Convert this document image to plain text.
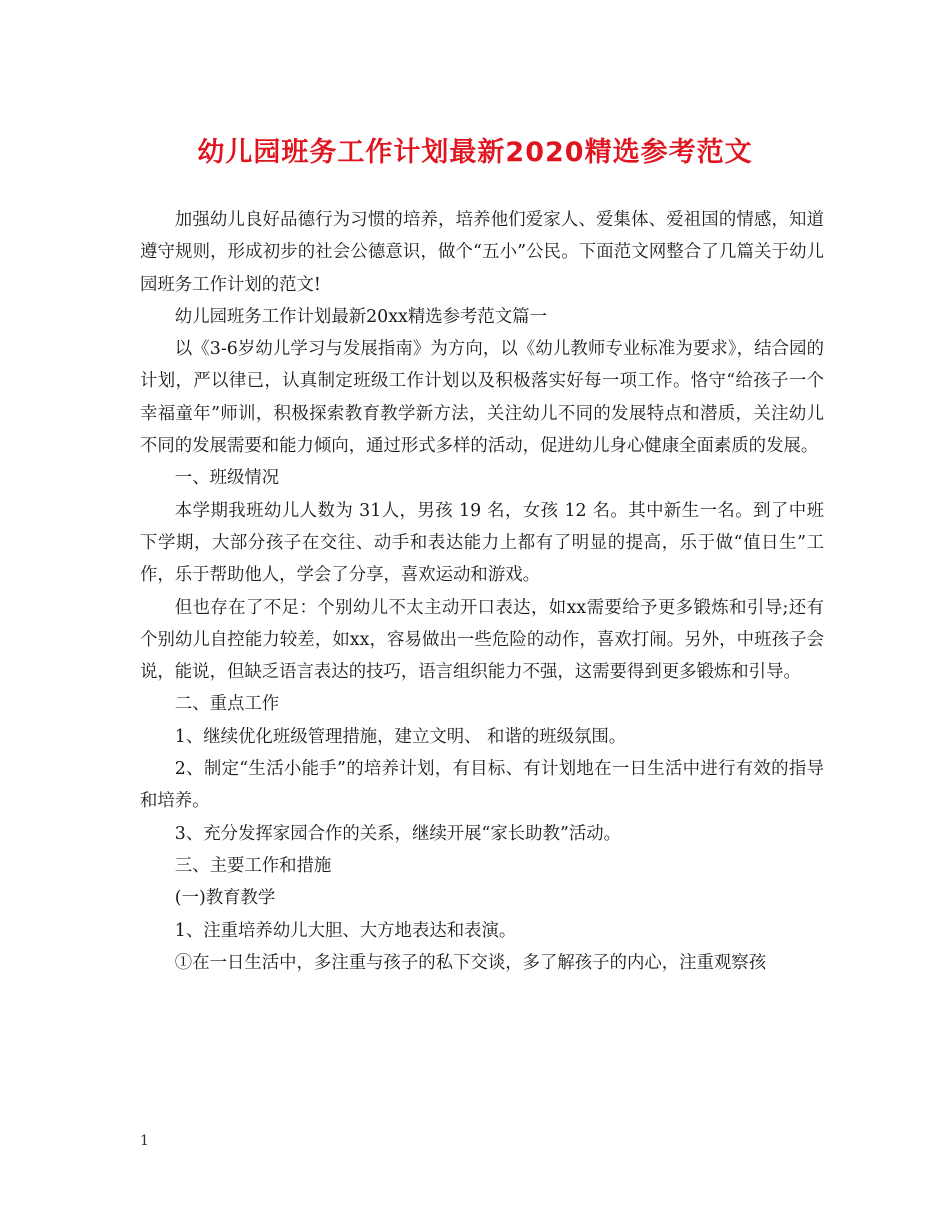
幼儿园班务工作计划最新2020精选参考范文

加强幼儿良好品德行为习惯的培养，培养他们爱家人、爱集体、爱祖国的情感，知道遵守规则，形成初步的社会公德意识，做个“五小”公民。下面范文网整合了几篇关于幼儿园班务工作计划的范文!

幼儿园班务工作计划最新20xx精选参考范文篇一

以《3-6岁幼儿学习与发展指南》为方向，以《幼儿教师专业标准为要求》，结合园的计划，严以律已，认真制定班级工作计划以及积极落实好每一项工作。恪守“给孩子一个幸福童年”师训，积极探索教育教学新方法，关注幼儿不同的发展特点和潜质，关注幼儿不同的发展需要和能力倾向，通过形式多样的活动，促进幼儿身心健康全面素质的发展。

一、班级情况

本学期我班幼儿人数为 31人，男孩 19 名，女孩 12 名。其中新生一名。到了中班下学期，大部分孩子在交往、动手和表达能力上都有了明显的提高，乐于做“值日生”工作，乐于帮助他人，学会了分享，喜欢运动和游戏。

但也存在了不足：个别幼儿不太主动开口表达，如xx需要给予更多锻炼和引导;还有个别幼儿自控能力较差，如xx，容易做出一些危险的动作，喜欢打闹。另外，中班孩子会说，能说，但缺乏语言表达的技巧，语言组织能力不强，这需要得到更多锻炼和引导。

二、重点工作

1、继续优化班级管理措施，建立文明、 和谐的班级氛围。

2、制定“生活小能手”的培养计划，有目标、有计划地在一日生活中进行有效的指导和培养。

3、充分发挥家园合作的关系，继续开展“家长助教”活动。

三、主要工作和措施

(一)教育教学

1、注重培养幼儿大胆、大方地表达和表演。

①在一日生活中，多注重与孩子的私下交谈，多了解孩子的内心，注重观察孩

1
